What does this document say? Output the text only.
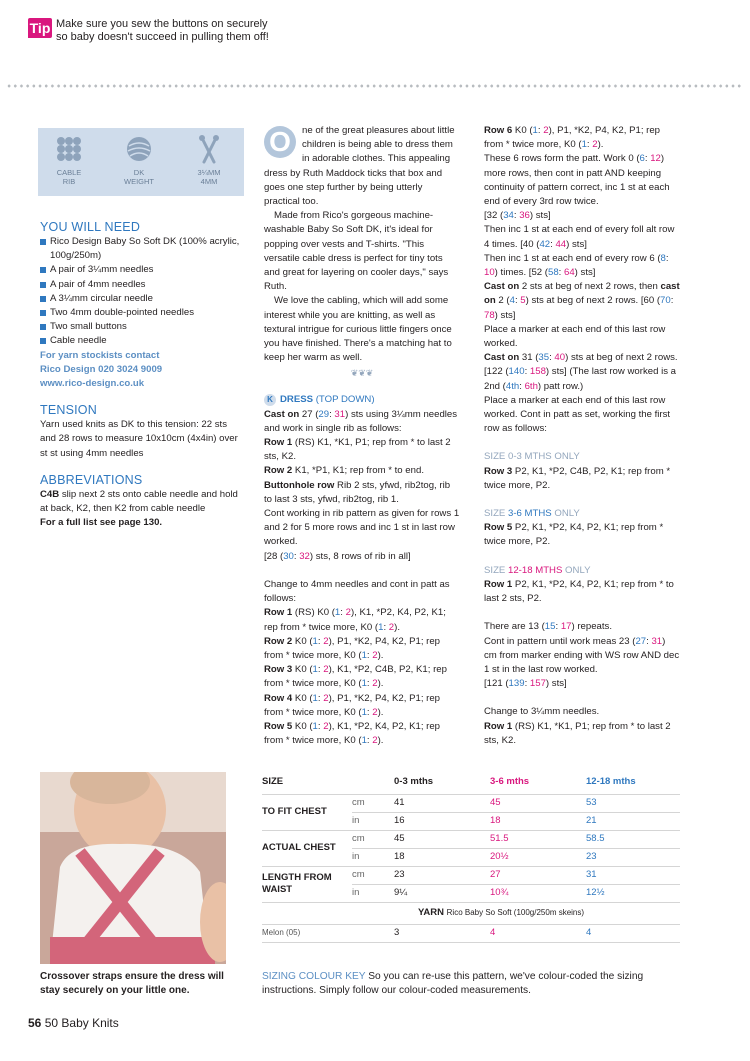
Tip Make sure you sew the buttons on securely
so baby doesn't succeed in pulling them off!
CABLE
RIB
DK
WEIGHT
3¼MM
4MM
YOU WILL NEED
Rico Design Baby So Soft DK (100% acrylic, 100g/250m)
A pair of 3¼mm needles
A pair of 4mm needles
A 3¼mm circular needle
Two 4mm double-pointed needles
Two small buttons
Cable needle
For yarn stockists contact
Rico Design 020 3024 9009
www.rico-design.co.uk
TENSION
Yarn used knits as DK to this tension: 22 sts and 28 rows to measure 10x10cm (4x4in) over st st using 4mm needles
ABBREVIATIONS
C4B slip next 2 sts onto cable needle and hold at back, K2, then K2 from cable needle
For a full list see page 130.

O	ne of the great pleasures about little children is being able to dress them in adorable clothes. This appealing dress by Ruth Maddock ticks that box and goes one step further by being utterly practical too.

Made from Rico's gorgeous machine-washable Baby So Soft DK, it's ideal for popping over vests and T-shirts. "This versatile cable dress is perfect for tiny tots and great for layering on cooler days," says Ruth.

We love the cabling, which will add some interest while you are knitting, as well as textural intrigue for curious little fingers once you have finished. There's a matching hat to keep her warm as well.

❦❦❦
K DRESS (TOP DOWN)

Cast on 27 (29: 31) sts using 3¼mm needles and work in single rib as follows:

Row 1 (RS) K1, *K1, P1; rep from * to last 2 sts, K2.

Row 2 K1, *P1, K1; rep from * to end.

Buttonhole row Rib 2 sts, yfwd, rib2tog, rib to last 3 sts, yfwd, rib2tog, rib 1.

Cont working in rib pattern as given for rows 1 and 2 for 5 more rows and inc 1 st in last row worked.

[28 (30: 32) sts, 8 rows of rib in all]

Change to 4mm needles and cont in patt as follows:

Row 1 (RS) K0 (1: 2), K1, *P2, K4, P2, K1; rep from * twice more, K0 (1: 2).

Row 2 K0 (1: 2), P1, *K2, P4, K2, P1; rep from * twice more, K0 (1: 2).

Row 3 K0 (1: 2), K1, *P2, C4B, P2, K1; rep from * twice more, K0 (1: 2).

Row 4 K0 (1: 2), P1, *K2, P4, K2, P1; rep from * twice more, K0 (1: 2).

Row 5 K0 (1: 2), K1, *P2, K4, P2, K1; rep from * twice more, K0 (1: 2).

Row 6 K0 (1: 2), P1, *K2, P4, K2, P1; rep from * twice more, K0 (1: 2).

These 6 rows form the patt. Work 0 (6: 12) more rows, then cont in patt AND keeping continuity of pattern correct, inc 1 st at each end of every 3rd row twice.

[32 (34: 36) sts]

Then inc 1 st at each end of every foll alt row 4 times. [40 (42: 44) sts]

Then inc 1 st at each end of every row 6 (8: 10) times. [52 (58: 64) sts]

Cast on 2 sts at beg of next 2 rows, then cast on 2 (4: 5) sts at beg of next 2 rows. [60 (70: 78) sts]

Place a marker at each end of this last row worked.

Cast on 31 (35: 40) sts at beg of next 2 rows. [122 (140: 158) sts] (The last row worked is a 2nd (4th: 6th) patt row.)

Place a marker at each end of this last row worked. Cont in patt as set, working the first row as follows:

SIZE 0-3 MTHS ONLY

Row 3 P2, K1, *P2, C4B, P2, K1; rep from * twice more, P2.

SIZE 3-6 MTHS ONLY

Row 5 P2, K1, *P2, K4, P2, K1; rep from * twice more, P2.

SIZE 12-18 MTHS ONLY

Row 1 P2, K1, *P2, K4, P2, K1; rep from * to last 2 sts, P2.

There are 13 (15: 17) repeats.

Cont in pattern until work meas 23 (27: 31) cm from marker ending with WS row AND dec 1 st in the last row worked.

[121 (139: 157) sts]

Change to 3¼mm needles.

Row 1 (RS) K1, *K1, P1; rep from * to last 2 sts, K2.

Crossover straps ensure the dress will stay securely on your little one.
SIZE		0-3 mths	3-6 mths	12-18 mths
TO FIT CHEST	cm	41	45	53
	in	16	18	21
ACTUAL CHEST	cm	45	51.5	58.5
	in	18	20½	23
LENGTH FROM WAIST	cm	23	27	31
	in	9¼	10¾	12½
YARN Rico Baby So Soft (100g/250m skeins)				
Melon (05)		3	4	4
SIZING COLOUR KEY So you can re-use this pattern, we've colour-coded the sizing instructions. Simply follow our colour-coded measurements.
56 50 Baby Knits
